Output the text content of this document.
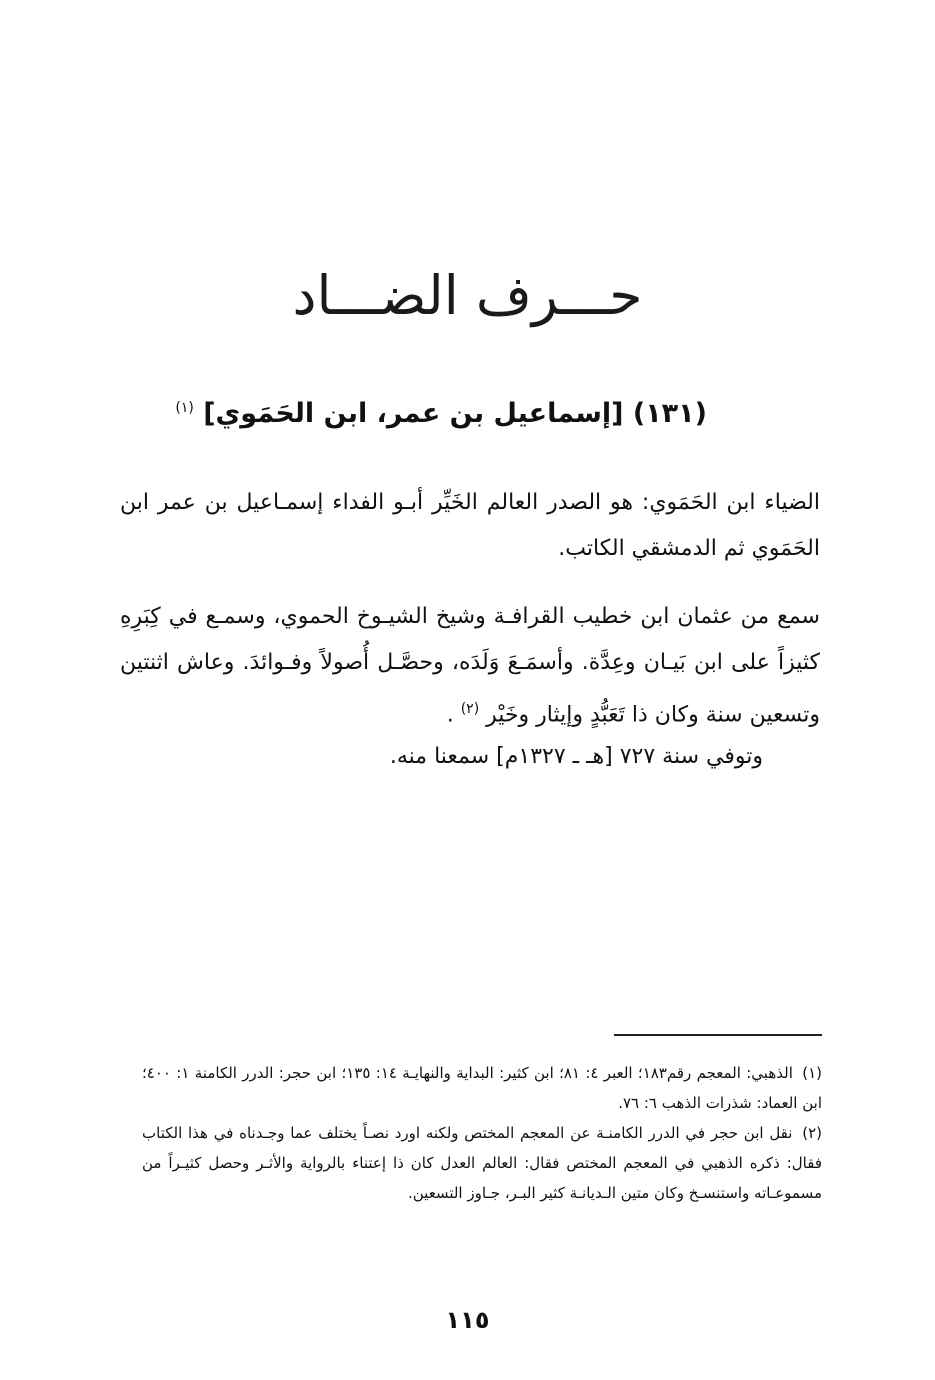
حـــرف الضـــاد
(١٣١) [إسماعيل بن عمر، ابن الحَمَوي] $^{(١)}$

الضياء ابن الحَمَوي: هو الصدر العالم الخَيِّر أبـو الفداء إسمـاعيل بن عمر ابن الحَمَوي ثم الدمشقي الكاتب.

سمع من عثمان ابن خطيب القرافـة وشيخ الشيـوخ الحموي، وسمـع في كِبَرِهِ كثيزاً على ابن بَيـان وعِدَّة. وأسمَـعَ وَلَدَه، وحصَّـل أُصولاً وفـوائدَ. وعاش اثنتين وتسعين سنة وكان ذا تَعَبُّدٍ وإيثار وخَيْر $^{(٢)}$ .

وتوفي سنة ٧٢٧ [هـ ـ ١٣٢٧م] سمعنا منه.

(١) الذهبي: المعجم رقم١٨٣؛ العبر ٤: ٨١؛ ابن كثير: البداية والنهايـة ١٤: ١٣٥؛ ابن حجر: الدرر الكامنة ١: ٤٠٠؛ ابن العماد: شذرات الذهب ٦: ٧٦.

(٢) نقل ابن حجر في الدرر الكامنـة عن المعجم المختص ولكنه اورد نصـاً يختلف عما وجـدناه في هذا الكتاب فقال: ذكره الذهبي في المعجم المختص فقال: العالم العدل كان ذا إعتناء بالرواية والأثـر وحصل كثيـراً من مسموعـاته واستنسـخ وكان متين الـديانـة كثير البـر، جـاوز التسعين.

١١٥
